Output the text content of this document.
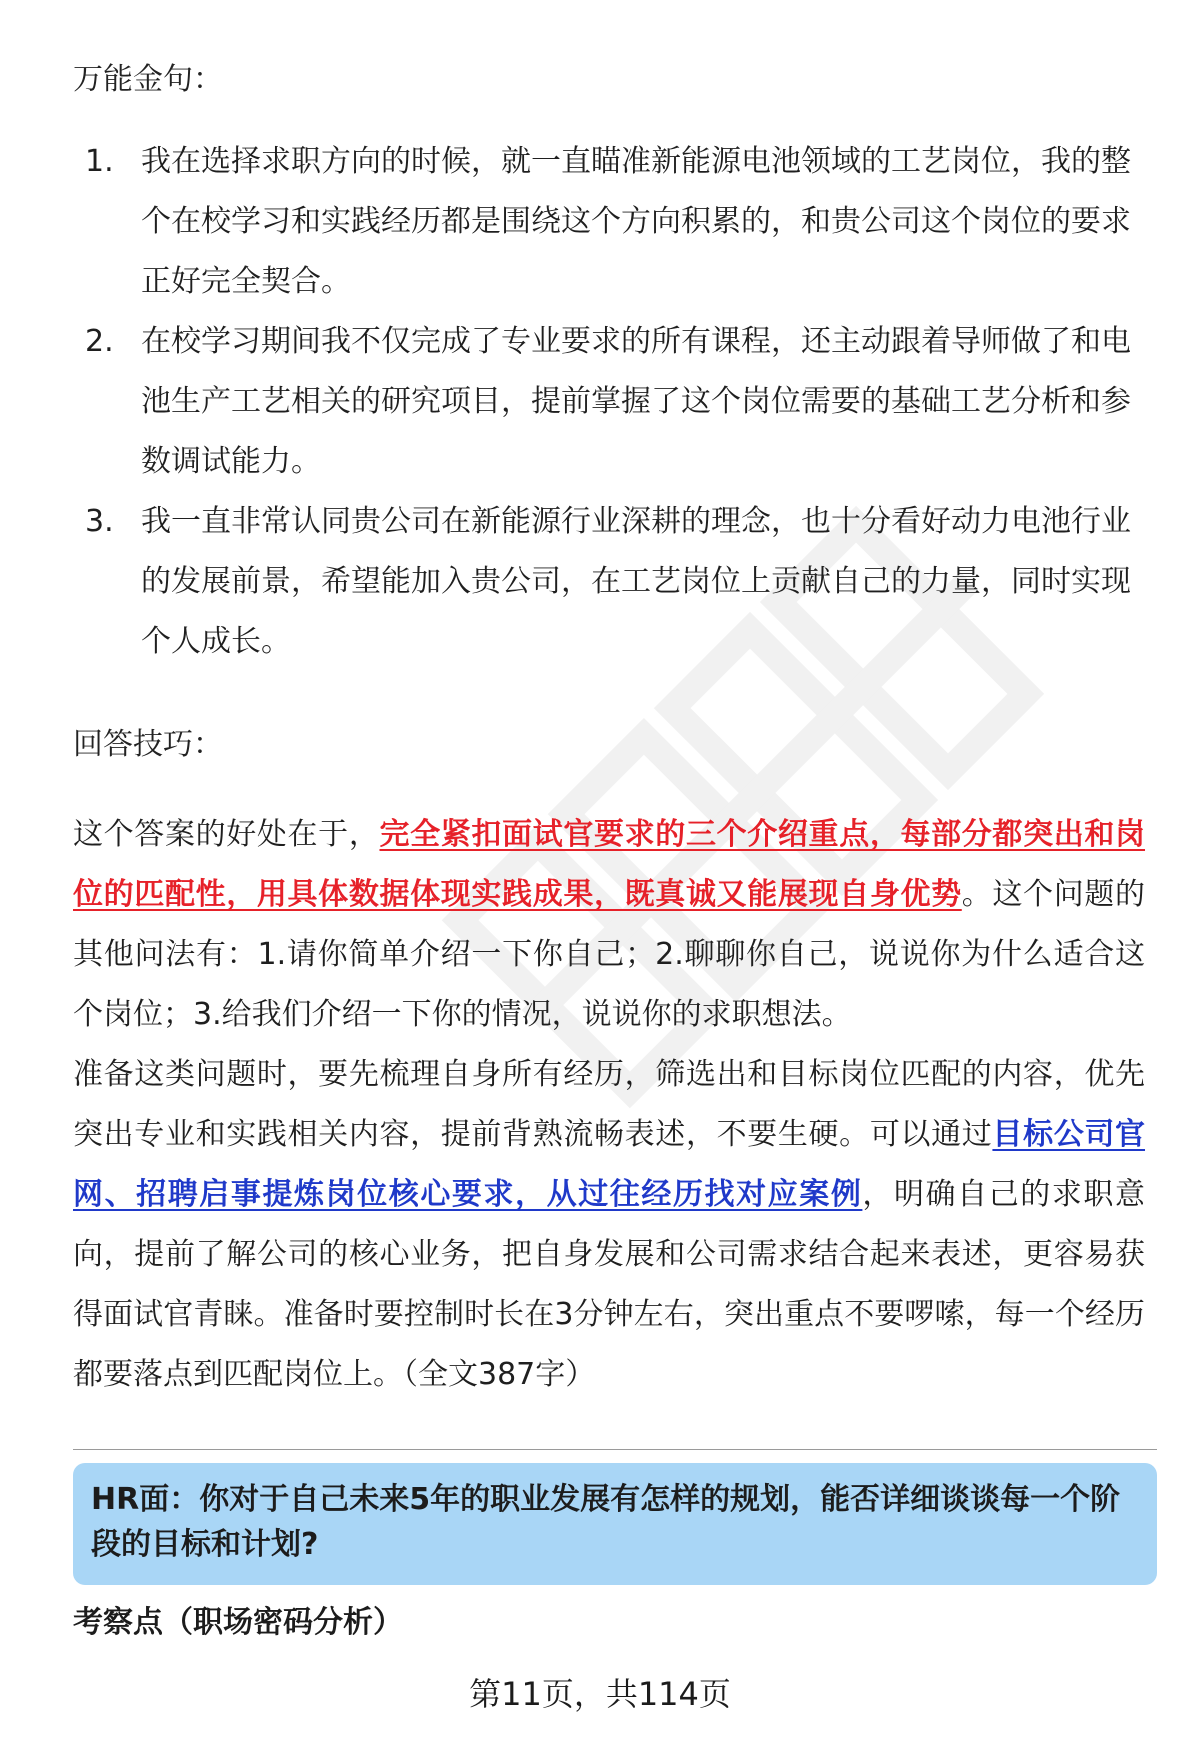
万能金句：
1. 我在选择求职方向的时候，就一直瞄准新能源电池领域的工艺岗位，我的整个在校学习和实践经历都是围绕这个方向积累的，和贵公司这个岗位的要求正好完全契合。
2. 在校学习期间我不仅完成了专业要求的所有课程，还主动跟着导师做了和电池生产工艺相关的研究项目，提前掌握了这个岗位需要的基础工艺分析和参数调试能力。
3. 我一直非常认同贵公司在新能源行业深耕的理念，也十分看好动力电池行业的发展前景，希望能加入贵公司，在工艺岗位上贡献自己的力量，同时实现个人成长。
回答技巧：
这个答案的好处在于，完全紧扣面试官要求的三个介绍重点，每部分都突出和岗位的匹配性，用具体数据体现实践成果，既真诚又能展现自身优势。这个问题的其他问法有：1.请你简单介绍一下你自己；2.聊聊你自己，说说你为什么适合这个岗位；3.给我们介绍一下你的情况，说说你的求职想法。
准备这类问题时，要先梳理自身所有经历，筛选出和目标岗位匹配的内容，优先突出专业和实践相关内容，提前背熟流畅表述，不要生硬。可以通过目标公司官网、招聘启事提炼岗位核心要求，从过往经历找对应案例，明确自己的求职意向，提前了解公司的核心业务，把自身发展和公司需求结合起来表述，更容易获得面试官青睐。准备时要控制时长在3分钟左右，突出重点不要啰嗦，每一个经历都要落点到匹配岗位上。（全文387字）
HR面：你对于自己未来5年的职业发展有怎样的规划，能否详细谈谈每一个阶段的目标和计划?
考察点（职场密码分析）
第11页，共114页
